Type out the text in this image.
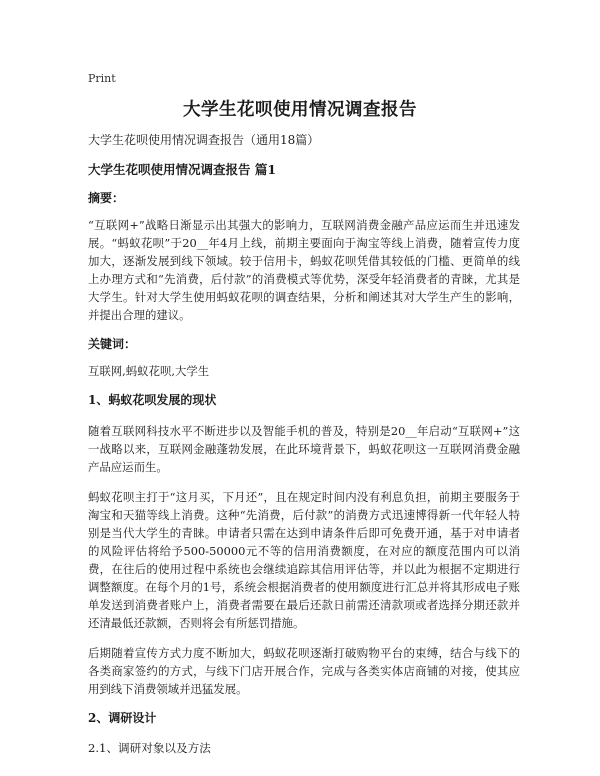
Print
大学生花呗使用情况调查报告

大学生花呗使用情况调查报告（通用18篇）

大学生花呗使用情况调查报告 篇1

摘要：

“互联网+”战略日渐显示出其强大的影响力，互联网消费金融产品应运而生并迅速发展。“蚂蚁花呗”于20__年4月上线，前期主要面向于淘宝等线上消费，随着宣传力度加大，逐渐发展到线下领域。较于信用卡，蚂蚁花呗凭借其较低的门槛、更简单的线上办理方式和“先消费，后付款”的消费模式等优势，深受年轻消费者的青睐，尤其是大学生。针对大学生使用蚂蚁花呗的调查结果，分析和阐述其对大学生产生的影响，并提出合理的建议。

关键词：

互联网,蚂蚁花呗,大学生

1、蚂蚁花呗发展的现状

随着互联网科技水平不断进步以及智能手机的普及，特别是20__年启动“互联网+”这一战略以来，互联网金融蓬勃发展，在此环境背景下，蚂蚁花呗这一互联网消费金融产品应运而生。

蚂蚁花呗主打于“这月买，下月还”，且在规定时间内没有利息负担，前期主要服务于淘宝和天猫等线上消费。这种“先消费，后付款”的消费方式迅速博得新一代年轻人特别是当代大学生的青睐。申请者只需在达到申请条件后即可免费开通，基于对申请者的风险评估将给予500-50000元不等的信用消费额度，在对应的额度范围内可以消费，在往后的使用过程中系统也会继续追踪其信用评估等，并以此为根据不定期进行调整额度。在每个月的1号，系统会根据消费者的使用额度进行汇总并将其形成电子账单发送到消费者账户上，消费者需要在最后还款日前需还清款项或者选择分期还款并还清最低还款额，否则将会有所惩罚措施。

后期随着宣传方式力度不断加大，蚂蚁花呗逐渐打破购物平台的束缚，结合与线下的各类商家签约的方式，与线下门店开展合作，完成与各类实体店商铺的对接，使其应用到线下消费领域并迅猛发展。

2、调研设计

2.1、调研对象以及方法
